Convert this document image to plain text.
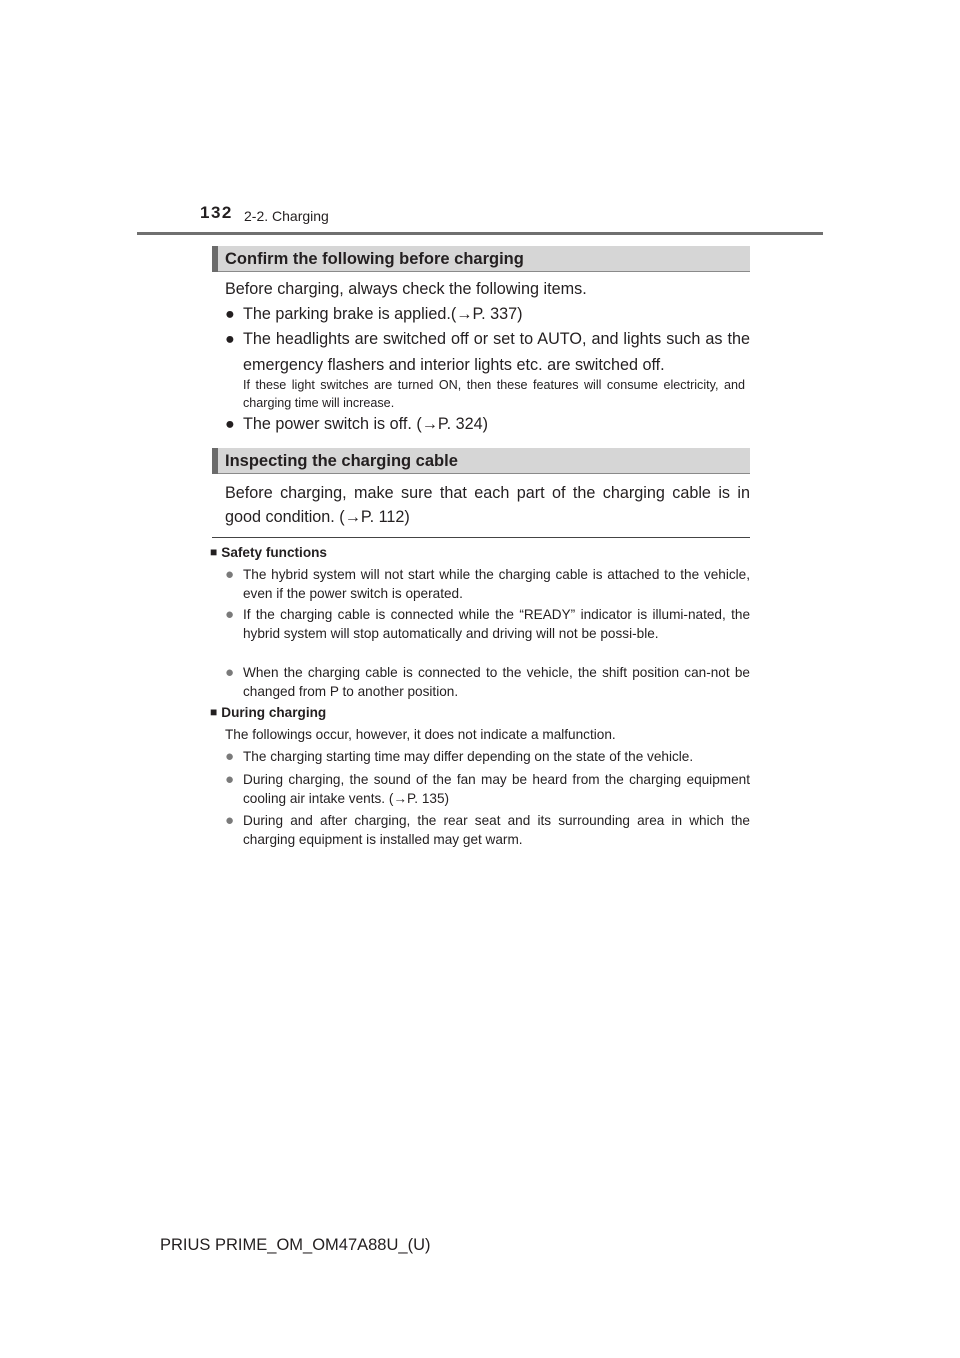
132 2-2. Charging
Confirm the following before charging
Before charging, always check the following items.
● The parking brake is applied.(→P. 337)
● The headlights are switched off or set to AUTO, and lights such as the emergency flashers and interior lights etc. are switched off.
If these light switches are turned ON, then these features will consume electricity, and charging time will increase.
● The power switch is off. (→P. 324)
Inspecting the charging cable
Before charging, make sure that each part of the charging cable is in good condition. (→P. 112)
■ Safety functions
● The hybrid system will not start while the charging cable is attached to the vehicle, even if the power switch is operated.
● If the charging cable is connected while the “READY” indicator is illumi-nated, the hybrid system will stop automatically and driving will not be possi-ble.
● When the charging cable is connected to the vehicle, the shift position can-not be changed from P to another position.
■ During charging
The followings occur, however, it does not indicate a malfunction.
● The charging starting time may differ depending on the state of the vehicle.
● During charging, the sound of the fan may be heard from the charging equipment cooling air intake vents. (→P. 135)
● During and after charging, the rear seat and its surrounding area in which the charging equipment is installed may get warm.
PRIUS PRIME_OM_OM47A88U_(U)
